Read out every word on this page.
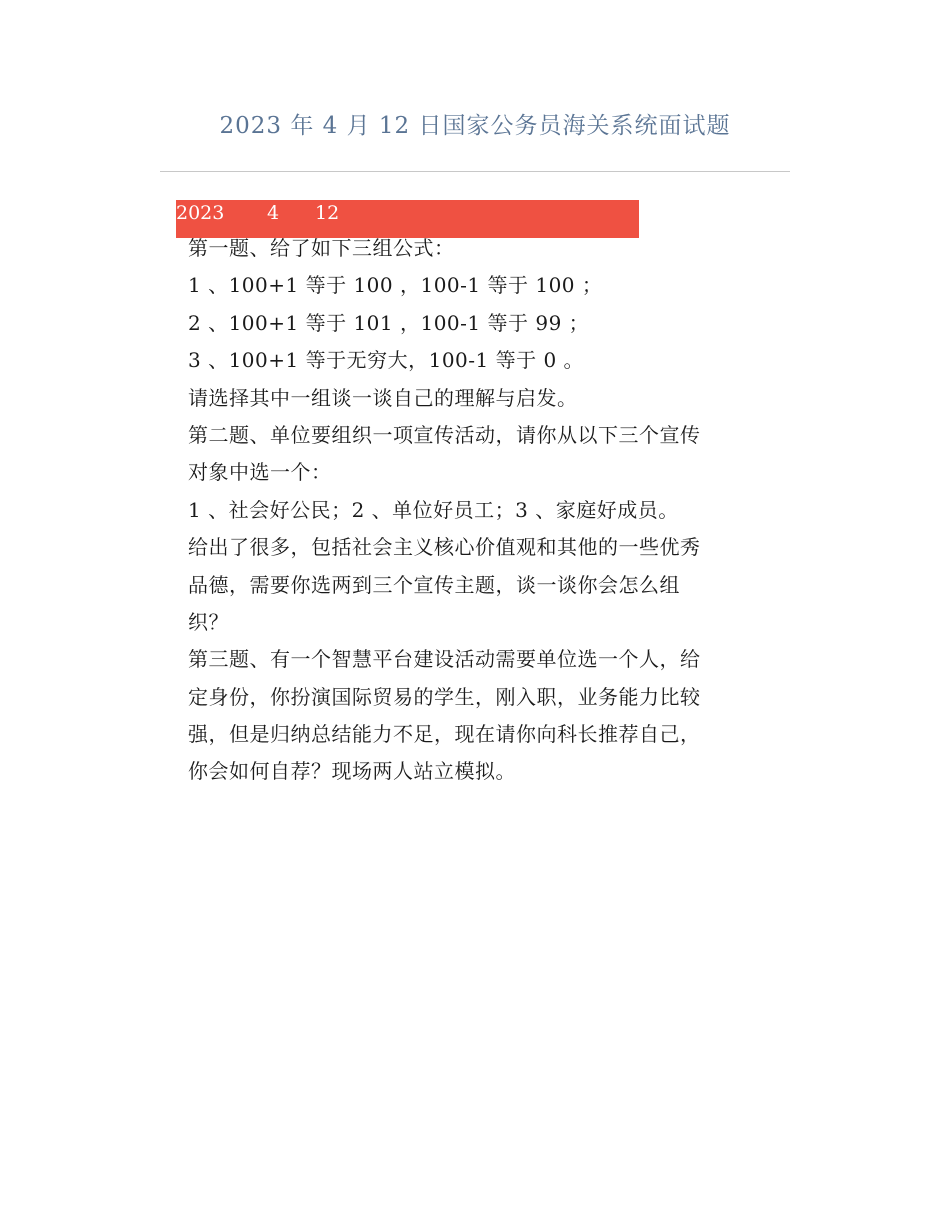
2023 年 4 月 12 日国家公务员海关系统面试题
2023 4 12
第一题、给了如下三组公式：
1 、100+1 等于 100 ，100-1 等于 100 ；
2 、100+1 等于 101 ，100-1 等于 99 ；
3 、100+1 等于无穷大，100-1 等于 0 。
请选择其中一组谈一谈自己的理解与启发。
第二题、单位要组织一项宣传活动，请你从以下三个宣传
对象中选一个：
1 、社会好公民；2 、单位好员工；3 、家庭好成员。
给出了很多，包括社会主义核心价值观和其他的一些优秀
品德，需要你选两到三个宣传主题，谈一谈你会怎么组
织？
第三题、有一个智慧平台建设活动需要单位选一个人，给
定身份，你扮演国际贸易的学生，刚入职，业务能力比较
强，但是归纳总结能力不足，现在请你向科长推荐自己，
你会如何自荐？现场两人站立模拟。
